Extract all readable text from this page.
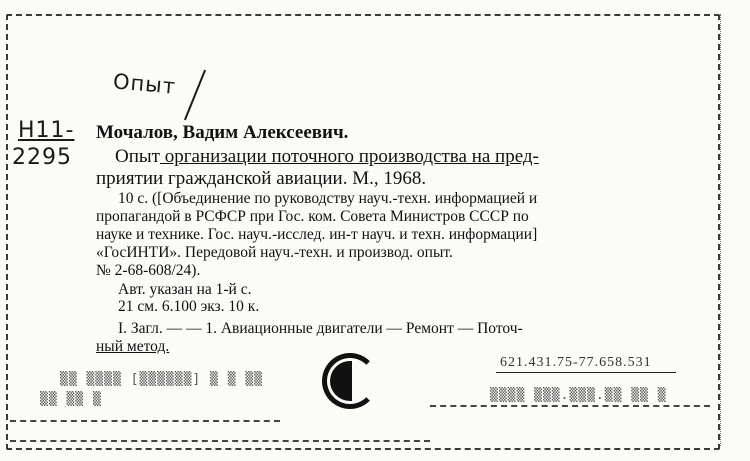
Опыт
Н11-
2295
Мочалов, Вадим Алексеевич.
Опыт организации поточного производства на пред-
приятии гражданской авиации. М., 1968.
10 с. ([Объединение по руководству науч.-техн. информацией и
пропагандой в РСФСР при Гос. ком. Совета Министров СССР по
науке и технике. Гос. науч.-исслед. ин-т науч. и техн. информации]
«ГосИНТИ». Передовой науч.-техн. и производ. опыт.
№ 2-68-608/24).
Авт. указан на 1-й с.
21 см. 6.100 экз. 10 к.
I. Загл. — — 1. Авиационные двигатели — Ремонт — Поточ-
ный метод.
621.431.75-77.658.531
▒▒ ▒▒▒▒ [▒▒▒▒▒▒] ▒ ▒ ▒▒
▒▒ ▒▒ ▒	▒▒▒▒ ▒▒▒.▒▒▒.▒▒ ▒▒ ▒
